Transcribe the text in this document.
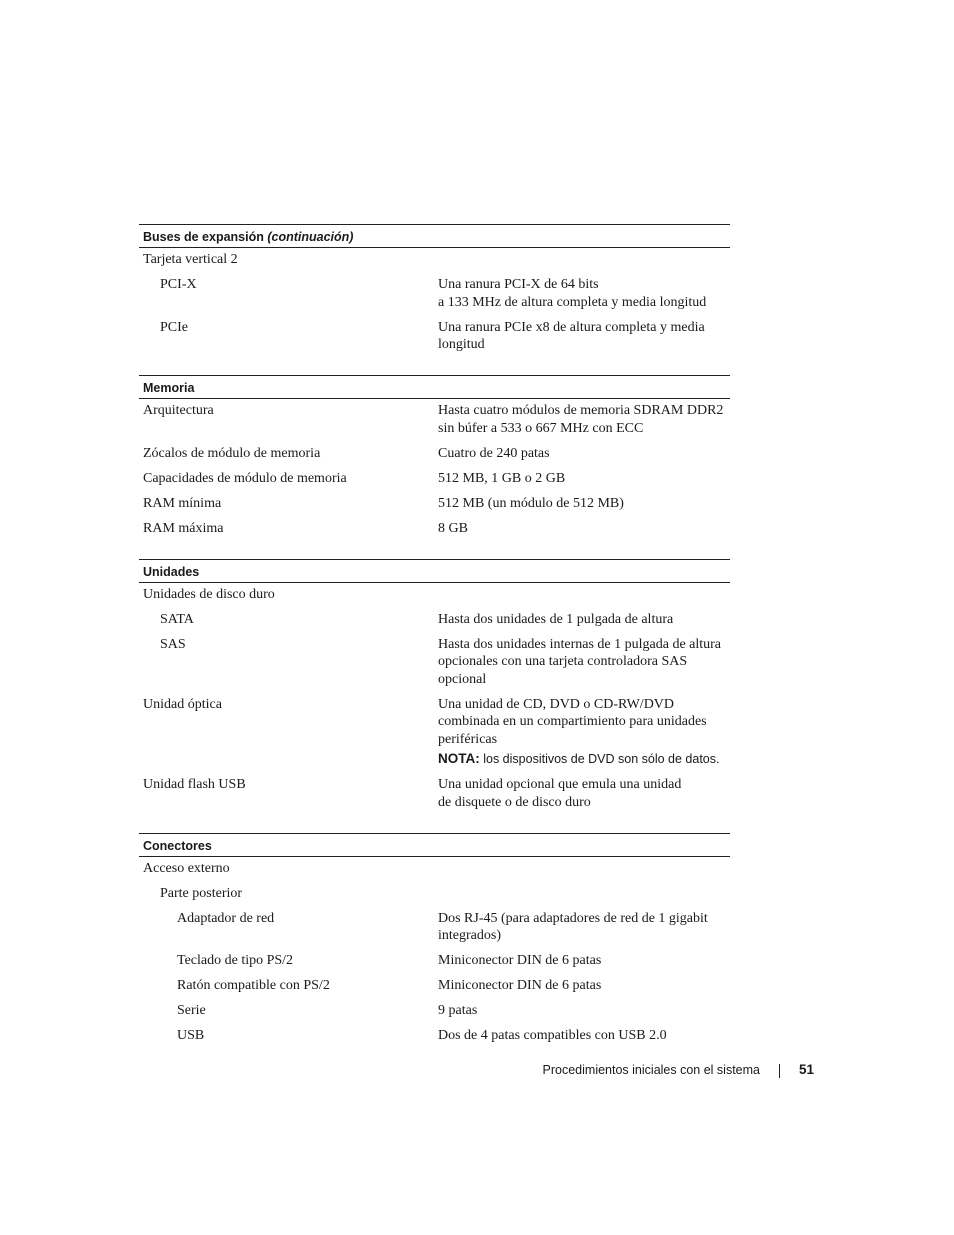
Buses de expansión (continuación)
Tarjeta vertical 2
PCI-X	Una ranura PCI-X de 64 bits
a 133 MHz de altura completa y media longitud
PCIe	Una ranura PCIe x8 de altura completa y media longitud
Memoria
Arquitectura	Hasta cuatro módulos de memoria SDRAM DDR2 sin búfer a 533 o 667 MHz con ECC
Zócalos de módulo de memoria	Cuatro de 240 patas
Capacidades de módulo de memoria	512 MB, 1 GB o 2 GB
RAM mínima	512 MB (un módulo de 512 MB)
RAM máxima	8 GB
Unidades
Unidades de disco duro
SATA	Hasta dos unidades de 1 pulgada de altura
SAS	Hasta dos unidades internas de 1 pulgada de altura opcionales con una tarjeta controladora SAS opcional
Unidad óptica	Una unidad de CD, DVD o CD-RW/DVD combinada en un compartimiento para unidades periféricas
NOTA: los dispositivos de DVD son sólo de datos.
Unidad flash USB	Una unidad opcional que emula una unidad
de disquete o de disco duro
Conectores
Acceso externo
Parte posterior
Adaptador de red	Dos RJ-45 (para adaptadores de red de 1 gigabit integrados)
Teclado de tipo PS/2	Miniconector DIN de 6 patas
Ratón compatible con PS/2	Miniconector DIN de 6 patas
Serie	9 patas
USB	Dos de 4 patas compatibles con USB 2.0
Procedimientos iniciales con el sistema	51
